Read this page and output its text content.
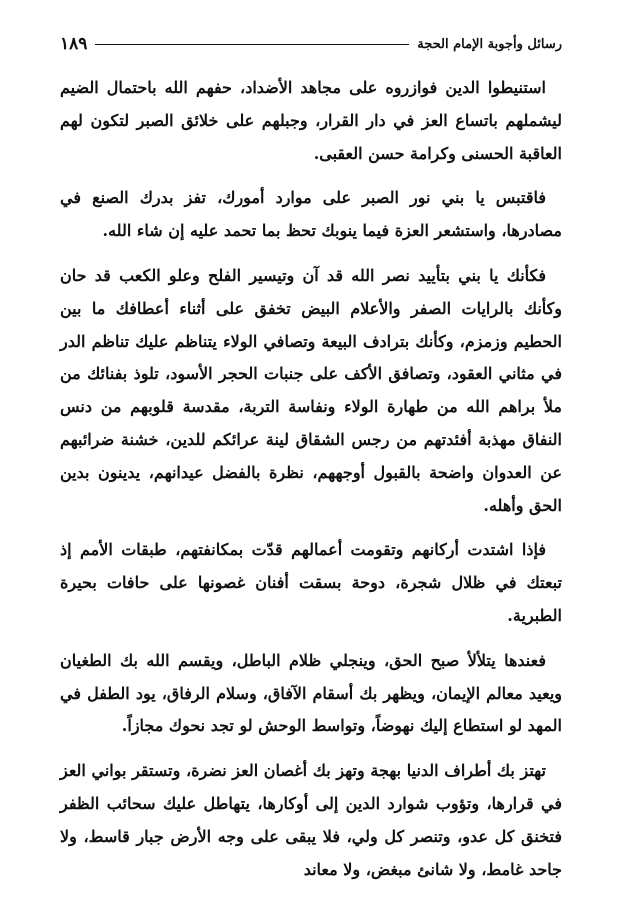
رسائل وأجوبة الإمام الحجة
١٨٩

استنيطوا الدين فوازروه على مجاهد الأضداد، حفهم الله باحتمال الضيم ليشملهم باتساع العز في دار القرار، وجبلهم على خلائق الصبر لتكون لهم العاقبة الحسنى وكرامة حسن العقبى.

فاقتبس يا بني نور الصبر على موارد أمورك، تفز بدرك الصنع في مصادرها، واستشعر العزة فيما ينوبك تحظ بما تحمد عليه إن شاء الله.

فكأنك يا بني بتأييد نصر الله قد آن وتيسير الفلح وعلو الكعب قد حان وكأنك بالرايات الصفر والأعلام البيض تخفق على أثناء أعطافك ما بين الحطيم وزمزم، وكأنك بترادف البيعة وتصافي الولاء يتناظم عليك تناظم الدر في مثاني العقود، وتصافق الأكف على جنبات الحجر الأسود، تلوذ بفنائك من ملأ براهم الله من طهارة الولاء ونفاسة التربة، مقدسة قلوبهم من دنس النفاق مهذبة أفئدتهم من رجس الشقاق لينة عرائكم للدين، خشنة ضرائبهم عن العدوان واضحة بالقبول أوجههم، نظرة بالفضل عيدانهم، يدينون بدين الحق وأهله.

فإذا اشتدت أركانهم وتقومت أعمالهم قدّت بمكانفتهم، طبقات الأمم إذ تبعتك في ظلال شجرة، دوحة بسقت أفنان غصونها على حافات بحيرة الطبرية.

فعندها يتلألأ صبح الحق، وينجلي ظلام الباطل، ويقسم الله بك الطغيان ويعيد معالم الإيمان، ويظهر بك أسقام الآفاق، وسلام الرفاق، يود الطفل في المهد لو استطاع إليك نهوضاً، وتواسط الوحش لو تجد نحوك مجازاً.

تهتز بك أطراف الدنيا بهجة وتهز بك أغصان العز نضرة، وتستقر بواني العز في قرارها، وتؤوب شوارد الدين إلى أوكارها، يتهاطل عليك سحائب الظفر فتخنق كل عدو، وتنصر كل ولي، فلا يبقى على وجه الأرض جبار قاسط، ولا جاحد غامط، ولا شانئ مبغض، ولا معاند
